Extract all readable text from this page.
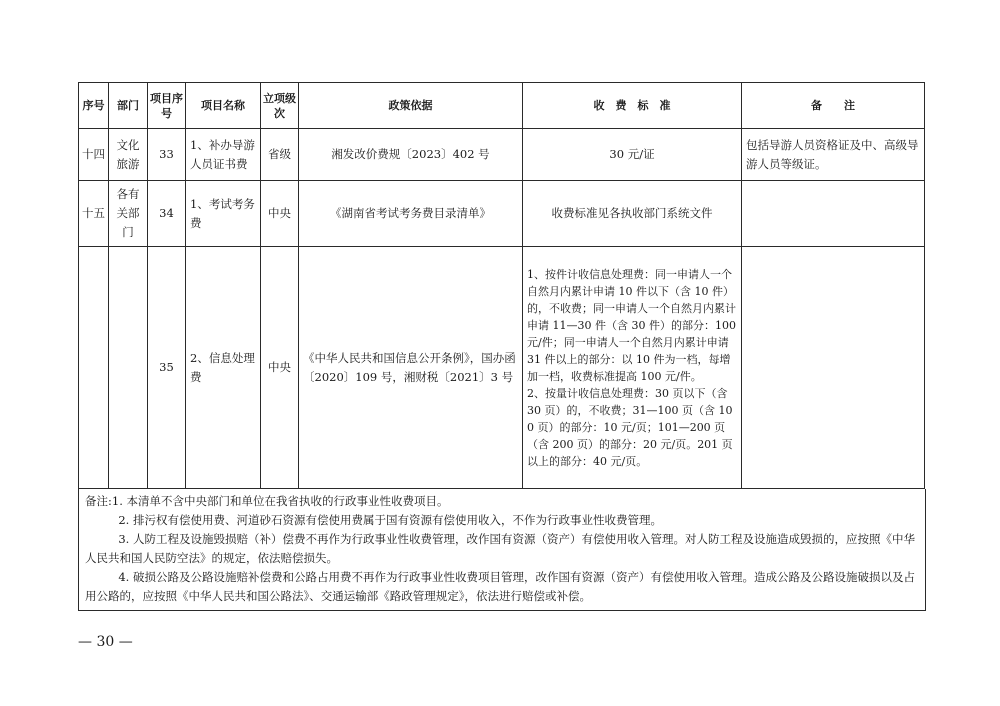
序号	部门	项目序号	项目名称	立项级次	政策依据	收　费　标　准	备　　注
十四	文化旅游	33	1、补办导游人员证书费	省级	湘发改价费规〔2023〕402 号	30 元/证	包括导游人员资格证及中、高级导游人员等级证。
十五	各有关部门	34	1、考试考务费	中央	《湖南省考试考务费目录清单》	收费标准见各执收部门系统文件	
		35	2、信息处理费	中央	《中华人民共和国信息公开条例》，国办函〔2020〕109 号，湘财税〔2021〕3 号	1、按件计收信息处理费：同一申请人一个自然月内累计申请 10 件以下（含 10 件）的，不收费；同一申请人一个自然月内累计申请 11—30 件（含 30 件）的部分：100 元/件；同一申请人一个自然月内累计申请 31 件以上的部分：以 10 件为一档，每增加一档，收费标准提高 100 元/件。
2、按量计收信息处理费：30 页以下（含 30 页）的，不收费；31—100 页（含 100 页）的部分：10 元/页；101—200 页（含 200 页）的部分：20 元/页。201 页以上的部分：40 元/页。	

备注:1. 本清单不含中央部门和单位在我省执收的行政事业性收费项目。

2. 排污权有偿使用费、河道砂石资源有偿使用费属于国有资源有偿使用收入，不作为行政事业性收费管理。

3. 人防工程及设施毁损赔（补）偿费不再作为行政事业性收费管理，改作国有资源（资产）有偿使用收入管理。对人防工程及设施造成毁损的，应按照《中华人民共和国人民防空法》的规定，依法赔偿损失。

4. 破损公路及公路设施赔补偿费和公路占用费不再作为行政事业性收费项目管理，改作国有资源（资产）有偿使用收入管理。造成公路及公路设施破损以及占用公路的，应按照《中华人民共和国公路法》、交通运输部《路政管理规定》，依法进行赔偿或补偿。

— 30 —
